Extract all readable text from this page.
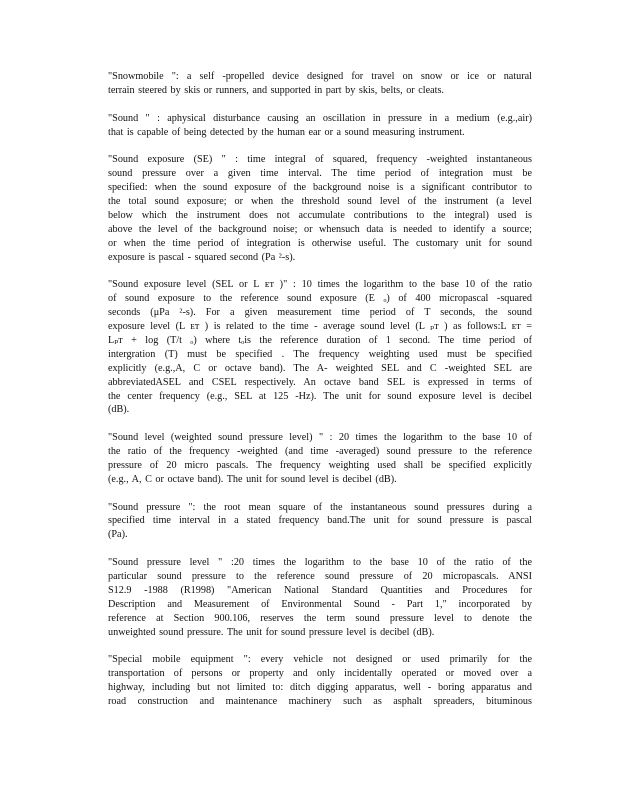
"Snowmobile ": a self -propelled device designed for travel on snow or ice or natural
terrain steered by skis or runners, and supported in part by skis, belts, or cleats.

"Sound " : aphysical disturbance causing an oscillation in pressure in a medium (e.g.,air)
that is capable of being detected by the human ear or a sound measuring instrument.

"Sound exposure (SE) " : time integral of squared, frequency -weighted instantaneous
sound pressure over a given time interval. The time period of integration must be
specified: when the sound exposure of the background noise is a significant contributor to
the total sound exposure; or when the threshold sound level of the instrument (a level
below which the instrument does not accumulate contributions to the integral) used is
above the level of the background noise; or whensuch data is needed to identify a source;
or when the time period of integration is otherwise useful. The customary unit for sound
exposure is pascal - squared second (Pa ²-s).

"Sound exposure level (SEL or L ᴇᴛ )" : 10 times the logarithm to the base 10 of the ratio
of sound exposure to the reference sound exposure (E ₒ) of 400 micropascal -squared
seconds (μPa ²-s). For a given measurement time period of T seconds, the sound
exposure level (L ᴇᴛ ) is related to the time - average sound level (L ₚᴛ ) as follows:L ᴇᴛ =
Lₚᴛ + log (T/t ₒ) where tₒis the reference duration of 1 second. The time period of
intergration (T) must be specified . The frequency weighting used must be specified
explicitly (e.g.,A, C or octave band). The A- weighted SEL and C -weighted SEL are
abbreviatedASEL and CSEL respectively. An octave band SEL is expressed in terms of
the center frequency (e.g., SEL at 125 -Hz). The unit for sound exposure level is decibel
(dB).

"Sound level (weighted sound pressure level) " : 20 times the logarithm to the base 10 of
the ratio of the frequency -weighted (and time -averaged) sound pressure to the reference
pressure of 20 micro pascals. The frequency weighting used shall be specified explicitly
(e.g., A, C or octave band). The unit for sound level is decibel (dB).

"Sound pressure ": the root mean square of the instantaneous sound pressures during a
specified time interval in a stated frequency band.The unit for sound pressure is pascal
(Pa).

"Sound pressure level " :20 times the logarithm to the base 10 of the ratio of the
particular sound pressure to the reference sound pressure of 20 micropascals. ANSI
S12.9 -1988 (R1998) "American National Standard Quantities and Procedures for
Description and Measurement of Environmental Sound - Part 1," incorporated by
reference at Section 900.106, reserves the term sound pressure level to denote the
unweighted sound pressure. The unit for sound pressure level is decibel (dB).

"Special mobile equipment ": every vehicle not designed or used primarily for the
transportation of persons or property and only incidentally operated or moved over a
highway, including but not limited to: ditch digging apparatus, well - boring apparatus and
road construction and maintenance machinery such as asphalt spreaders, bituminous
